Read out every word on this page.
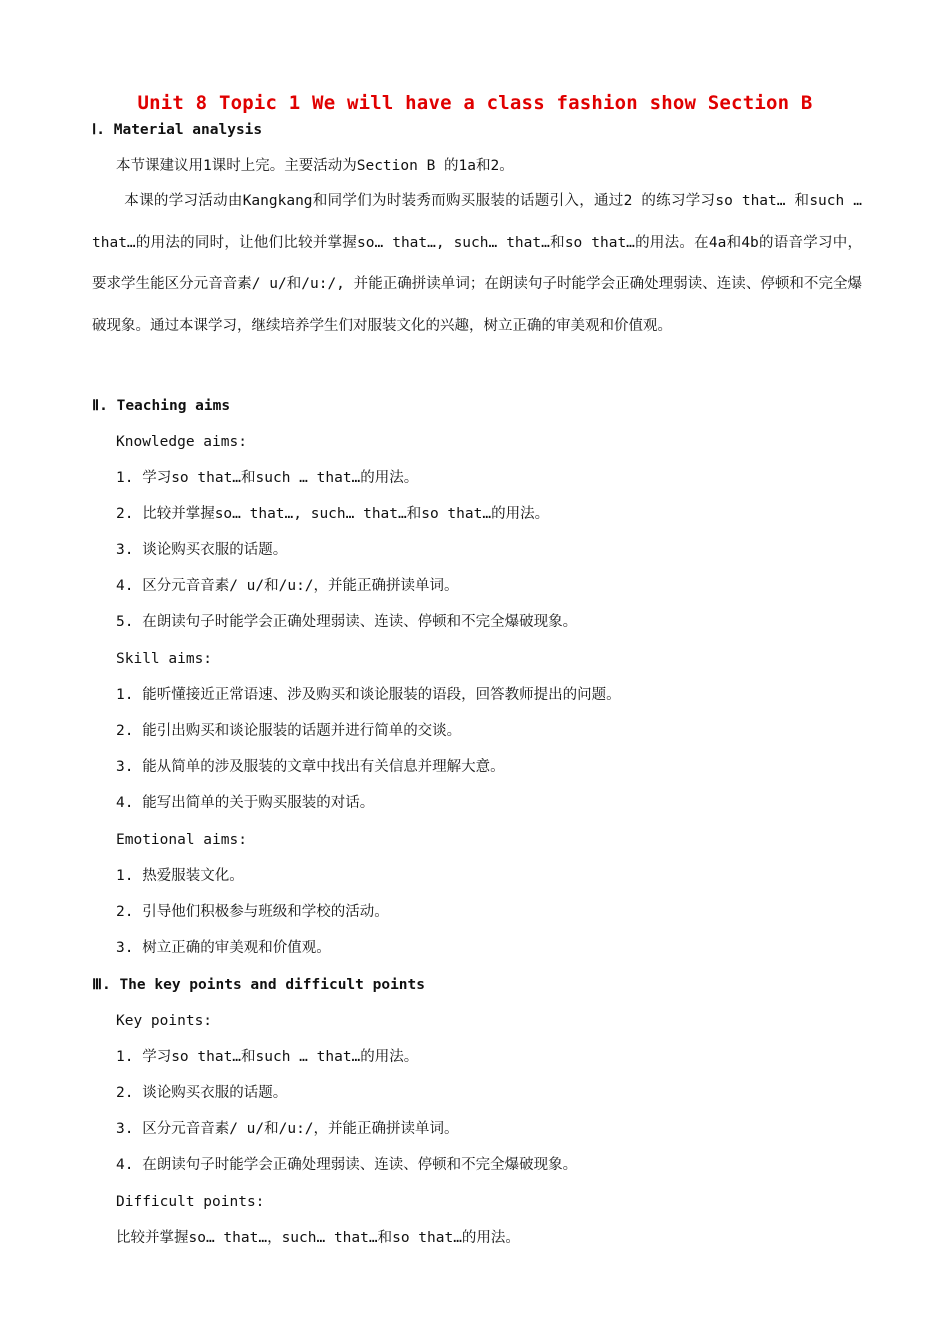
Unit 8 Topic 1 We will have a class fashion show Section B
Ⅰ. Material analysis
本节课建议用1课时上完。主要活动为Section B 的1a和2。
本课的学习活动由Kangkang和同学们为时装秀而购买服装的话题引入，通过2 的练习学习so that… 和such … that…的用法的同时，让他们比较并掌握so… that…, such… that…和so that…的用法。在4a和4b的语音学习中，要求学生能区分元音音素/ u/和/u:/, 并能正确拼读单词；在朗读句子时能学会正确处理弱读、连读、停顿和不完全爆破现象。通过本课学习，继续培养学生们对服装文化的兴趣，树立正确的审美观和价值观。
Ⅱ. Teaching aims
Knowledge aims:
1. 学习so that…和such … that…的用法。
2. 比较并掌握so… that…, such… that…和so that…的用法。
3. 谈论购买衣服的话题。
4. 区分元音音素/ u/和/u:/，并能正确拼读单词。
5. 在朗读句子时能学会正确处理弱读、连读、停顿和不完全爆破现象。
Skill aims:
1. 能听懂接近正常语速、涉及购买和谈论服装的语段，回答教师提出的问题。
2. 能引出购买和谈论服装的话题并进行简单的交谈。
3. 能从简单的涉及服装的文章中找出有关信息并理解大意。
4. 能写出简单的关于购买服装的对话。
Emotional aims:
1. 热爱服装文化。
2. 引导他们积极参与班级和学校的活动。
3. 树立正确的审美观和价值观。
Ⅲ. The key points and difficult points
Key points:
1. 学习so that…和such … that…的用法。
2. 谈论购买衣服的话题。
3. 区分元音音素/ u/和/u:/，并能正确拼读单词。
4. 在朗读句子时能学会正确处理弱读、连读、停顿和不完全爆破现象。
Difficult points:
比较并掌握so… that…，such… that…和so that…的用法。
